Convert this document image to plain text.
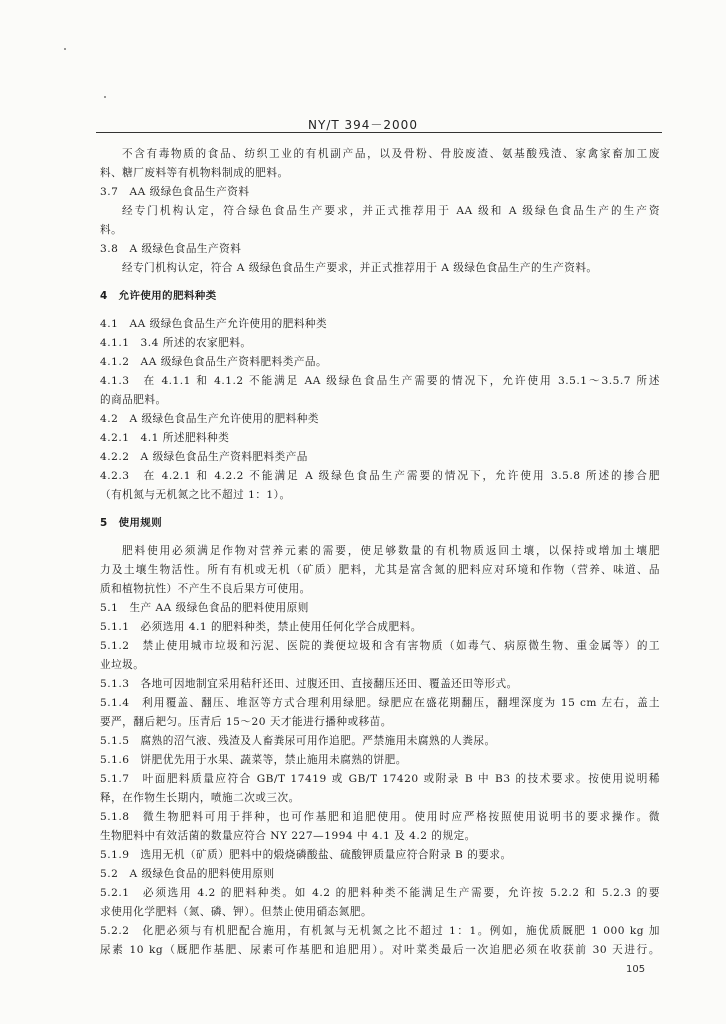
NY/T 394－2000
不含有毒物质的食品、纺织工业的有机副产品，以及骨粉、骨胶废渣、氨基酸残渣、家禽家畜加工废
料、糖厂废料等有机物料制成的肥料。
3.7　AA 级绿色食品生产资料
经专门机构认定，符合绿色食品生产要求，并正式推荐用于 AA 级和 A 级绿色食品生产的生产资
料。
3.8　A 级绿色食品生产资料
经专门机构认定，符合 A 级绿色食品生产要求，并正式推荐用于 A 级绿色食品生产的生产资料。
4　允许使用的肥料种类
4.1　AA 级绿色食品生产允许使用的肥料种类
4.1.1　3.4 所述的农家肥料。
4.1.2　AA 级绿色食品生产资料肥料类产品。
4.1.3　在 4.1.1 和 4.1.2 不能满足 AA 级绿色食品生产需要的情况下，允许使用 3.5.1～3.5.7 所述
的商品肥料。
4.2　A 级绿色食品生产允许使用的肥料种类
4.2.1　4.1 所述肥料种类
4.2.2　A 级绿色食品生产资料肥料类产品
4.2.3　在 4.2.1 和 4.2.2 不能满足 A 级绿色食品生产需要的情况下，允许使用 3.5.8 所述的掺合肥
（有机氮与无机氮之比不超过 1：1）。
5　使用规则
肥料使用必须满足作物对营养元素的需要，使足够数量的有机物质返回土壤，以保持或增加土壤肥
力及土壤生物活性。所有有机或无机（矿质）肥料，尤其是富含氮的肥料应对环境和作物（营养、味道、品
质和植物抗性）不产生不良后果方可使用。
5.1　生产 AA 级绿色食品的肥料使用原则
5.1.1　必须选用 4.1 的肥料种类，禁止使用任何化学合成肥料。
5.1.2　禁止使用城市垃圾和污泥、医院的粪便垃圾和含有害物质（如毒气、病原微生物、重金属等）的工
业垃圾。
5.1.3　各地可因地制宜采用秸秆还田、过腹还田、直接翻压还田、覆盖还田等形式。
5.1.4　利用覆盖、翻压、堆沤等方式合理利用绿肥。绿肥应在盛花期翻压，翻埋深度为 15 cm 左右，盖土
要严，翻后耙匀。压青后 15～20 天才能进行播种或移苗。
5.1.5　腐熟的沼气液、残渣及人畜粪尿可用作追肥。严禁施用未腐熟的人粪尿。
5.1.6　饼肥优先用于水果、蔬菜等，禁止施用未腐熟的饼肥。
5.1.7　叶面肥料质量应符合 GB/T 17419 或 GB/T 17420 或附录 B 中 B3 的技术要求。按使用说明稀
释，在作物生长期内，喷施二次或三次。
5.1.8　微生物肥料可用于拌种，也可作基肥和追肥使用。使用时应严格按照使用说明书的要求操作。微
生物肥料中有效活菌的数量应符合 NY 227—1994 中 4.1 及 4.2 的规定。
5.1.9　选用无机（矿质）肥料中的煅烧磷酸盐、硫酸钾质量应符合附录 B 的要求。
5.2　A 级绿色食品的肥料使用原则
5.2.1　必须选用 4.2 的肥料种类。如 4.2 的肥料种类不能满足生产需要，允许按 5.2.2 和 5.2.3 的要
求使用化学肥料（氮、磷、钾）。但禁止使用硝态氮肥。
5.2.2　化肥必须与有机肥配合施用，有机氮与无机氮之比不超过 1：1。例如，施优质厩肥 1 000 kg 加
尿素 10 kg（厩肥作基肥、尿素可作基肥和追肥用）。对叶菜类最后一次追肥必须在收获前 30 天进行。
105
